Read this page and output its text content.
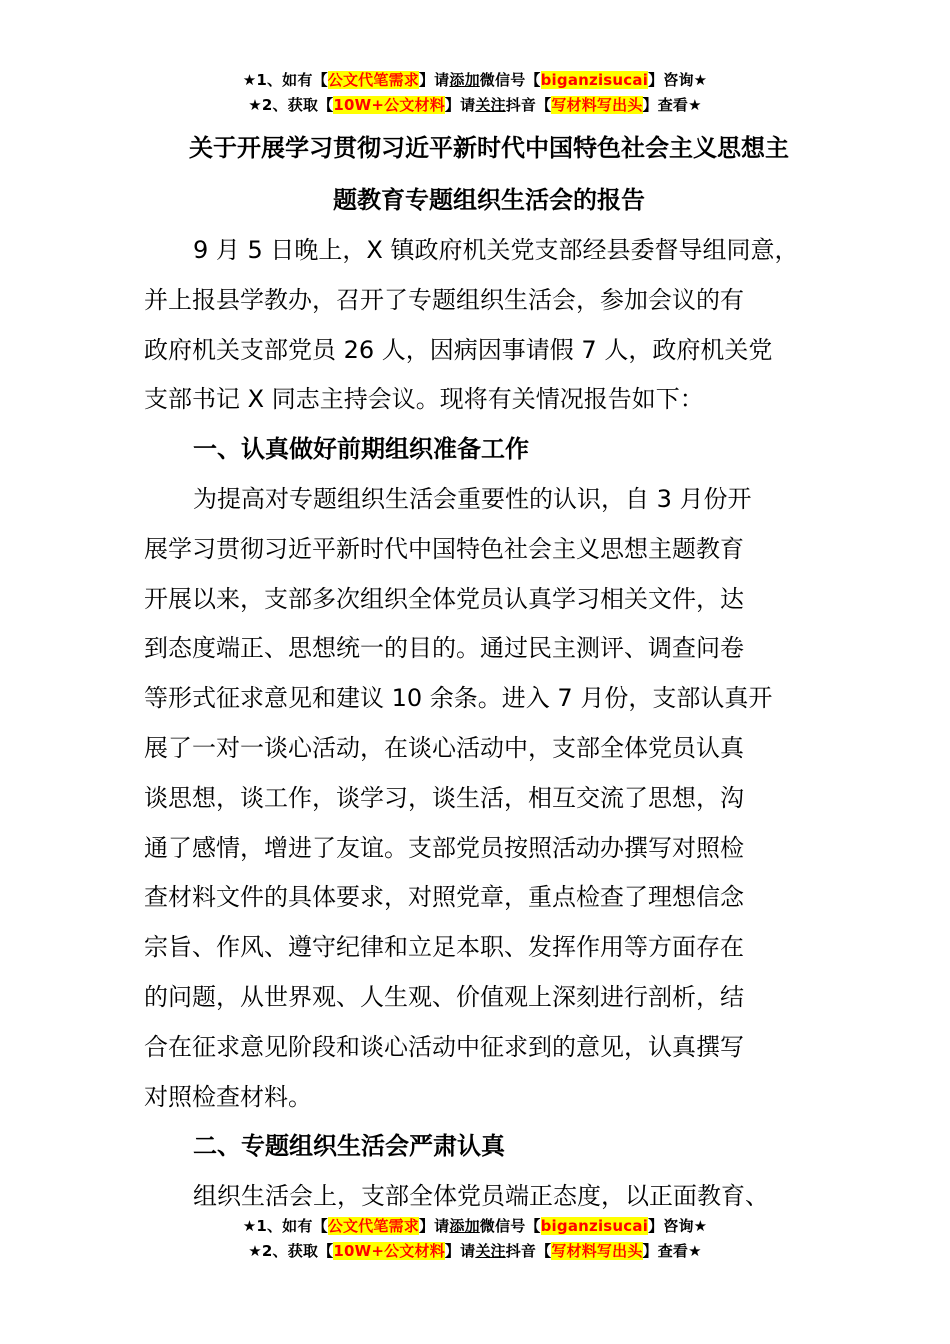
★1、如有【公文代笔需求】请添加微信号【biganzisucai】咨询★
★2、获取【10W+公文材料】请关注抖音【写材料写出头】查看★

关于开展学习贯彻习近平新时代中国特色社会主义思想主

题教育专题组织生活会的报告

9 月 5 日晚上，X 镇政府机关党支部经县委督导组同意，

并上报县学教办，召开了专题组织生活会，参加会议的有

政府机关支部党员 26 人，因病因事请假 7 人，政府机关党

支部书记 X 同志主持会议。现将有关情况报告如下：

一、认真做好前期组织准备工作

为提高对专题组织生活会重要性的认识，自 3 月份开

展学习贯彻习近平新时代中国特色社会主义思想主题教育

开展以来，支部多次组织全体党员认真学习相关文件，达

到态度端正、思想统一的目的。通过民主测评、调查问卷

等形式征求意见和建议 10 余条。进入 7 月份，支部认真开

展了一对一谈心活动，在谈心活动中，支部全体党员认真

谈思想，谈工作，谈学习，谈生活，相互交流了思想，沟

通了感情，增进了友谊。支部党员按照活动办撰写对照检

查材料文件的具体要求，对照党章，重点检查了理想信念

宗旨、作风、遵守纪律和立足本职、发挥作用等方面存在

的问题，从世界观、人生观、价值观上深刻进行剖析，结

合在征求意见阶段和谈心活动中征求到的意见，认真撰写

对照检查材料。

二、专题组织生活会严肃认真

组织生活会上，支部全体党员端正态度，以正面教育、

★1、如有【公文代笔需求】请添加微信号【biganzisucai】咨询★
★2、获取【10W+公文材料】请关注抖音【写材料写出头】查看★
